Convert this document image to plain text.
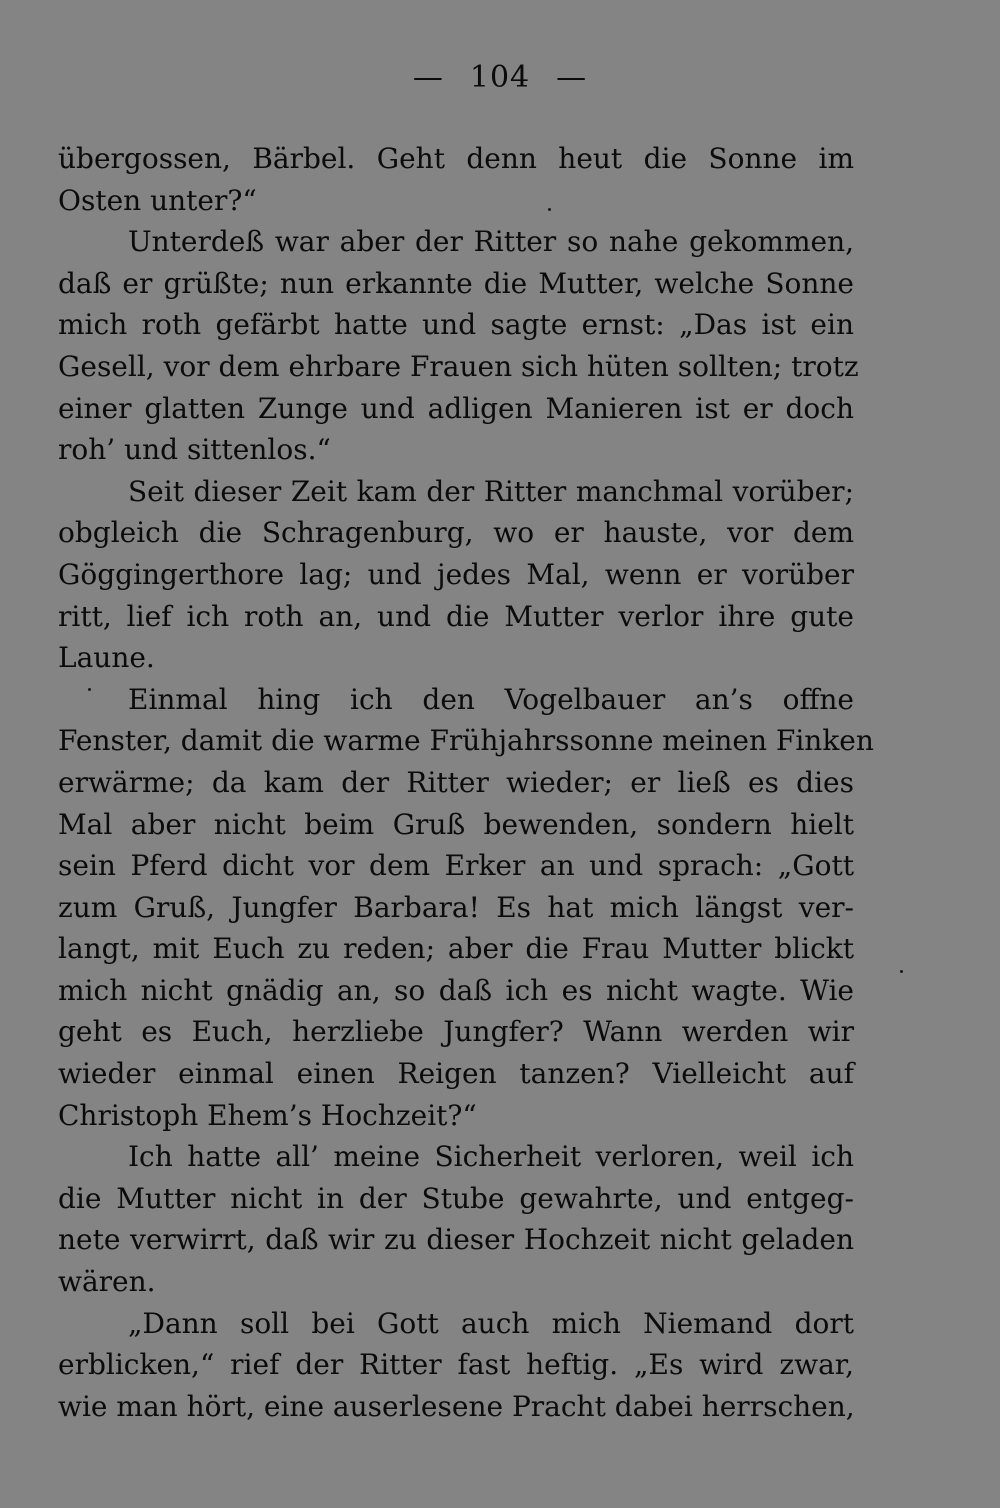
— 104 —
übergossen, Bärbel. Geht denn heut die Sonne im
Osten unter?“
Unterdeß war aber der Ritter so nahe gekommen,
daß er grüßte; nun erkannte die Mutter, welche Sonne
mich roth gefärbt hatte und sagte ernst: „Das ist ein
Gesell, vor dem ehrbare Frauen sich hüten sollten; trotz
einer glatten Zunge und adligen Manieren ist er doch
roh’ und sittenlos.“
Seit dieser Zeit kam der Ritter manchmal vorüber;
obgleich die Schragenburg, wo er hauste, vor dem
Göggingerthore lag; und jedes Mal, wenn er vorüber
ritt, lief ich roth an, und die Mutter verlor ihre gute
Laune.
Einmal hing ich den Vogelbauer an’s offne
Fenster, damit die warme Frühjahrssonne meinen Finken
erwärme; da kam der Ritter wieder; er ließ es dies
Mal aber nicht beim Gruß bewenden, sondern hielt
sein Pferd dicht vor dem Erker an und sprach: „Gott
zum Gruß, Jungfer Barbara! Es hat mich längst ver-
langt, mit Euch zu reden; aber die Frau Mutter blickt
mich nicht gnädig an, so daß ich es nicht wagte. Wie
geht es Euch, herzliebe Jungfer? Wann werden wir
wieder einmal einen Reigen tanzen? Vielleicht auf
Christoph Ehem’s Hochzeit?“
Ich hatte all’ meine Sicherheit verloren, weil ich
die Mutter nicht in der Stube gewahrte, und entgeg-
nete verwirrt, daß wir zu dieser Hochzeit nicht geladen
wären.
„Dann soll bei Gott auch mich Niemand dort
erblicken,“ rief der Ritter fast heftig. „Es wird zwar,
wie man hört, eine auserlesene Pracht dabei herrschen,
